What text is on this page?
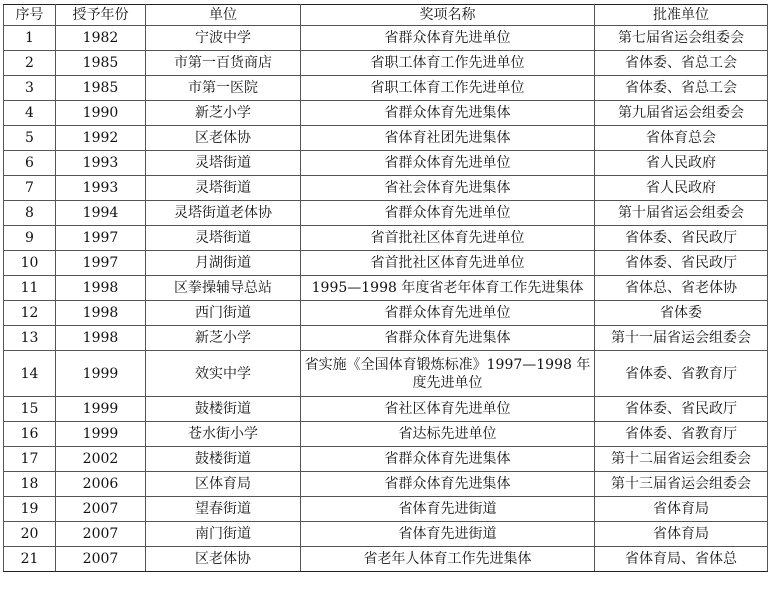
序号	授予年份	单位	奖项名称	批准单位
1	1982	宁波中学	省群众体育先进单位	第七届省运会组委会
2	1985	市第一百货商店	省职工体育工作先进单位	省体委、省总工会
3	1985	市第一医院	省职工体育工作先进单位	省体委、省总工会
4	1990	新芝小学	省群众体育先进集体	第九届省运会组委会
5	1992	区老体协	省体育社团先进集体	省体育总会
6	1993	灵塔街道	省群众体育先进单位	省人民政府
7	1993	灵塔街道	省社会体育先进集体	省人民政府
8	1994	灵塔街道老体协	省群众体育先进单位	第十届省运会组委会
9	1997	灵塔街道	省首批社区体育先进单位	省体委、省民政厅
10	1997	月湖街道	省首批社区体育先进单位	省体委、省民政厅
11	1998	区拳操辅导总站	1995—1998 年度省老年体育工作先进集体	省体总、省老体协
12	1998	西门街道	省群众体育先进单位	省体委
13	1998	新芝小学	省群众体育先进集体	第十一届省运会组委会
14	1999	效实中学	省实施《全国体育锻炼标准》1997—1998 年度先进单位	省体委、省教育厅
15	1999	鼓楼街道	省社区体育先进单位	省体委、省民政厅
16	1999	苍水街小学	省达标先进单位	省体委、省教育厅
17	2002	鼓楼街道	省群众体育先进集体	第十二届省运会组委会
18	2006	区体育局	省群众体育先进集体	第十三届省运会组委会
19	2007	望春街道	省体育先进街道	省体育局
20	2007	南门街道	省体育先进街道	省体育局
21	2007	区老体协	省老年人体育工作先进集体	省体育局、省体总
